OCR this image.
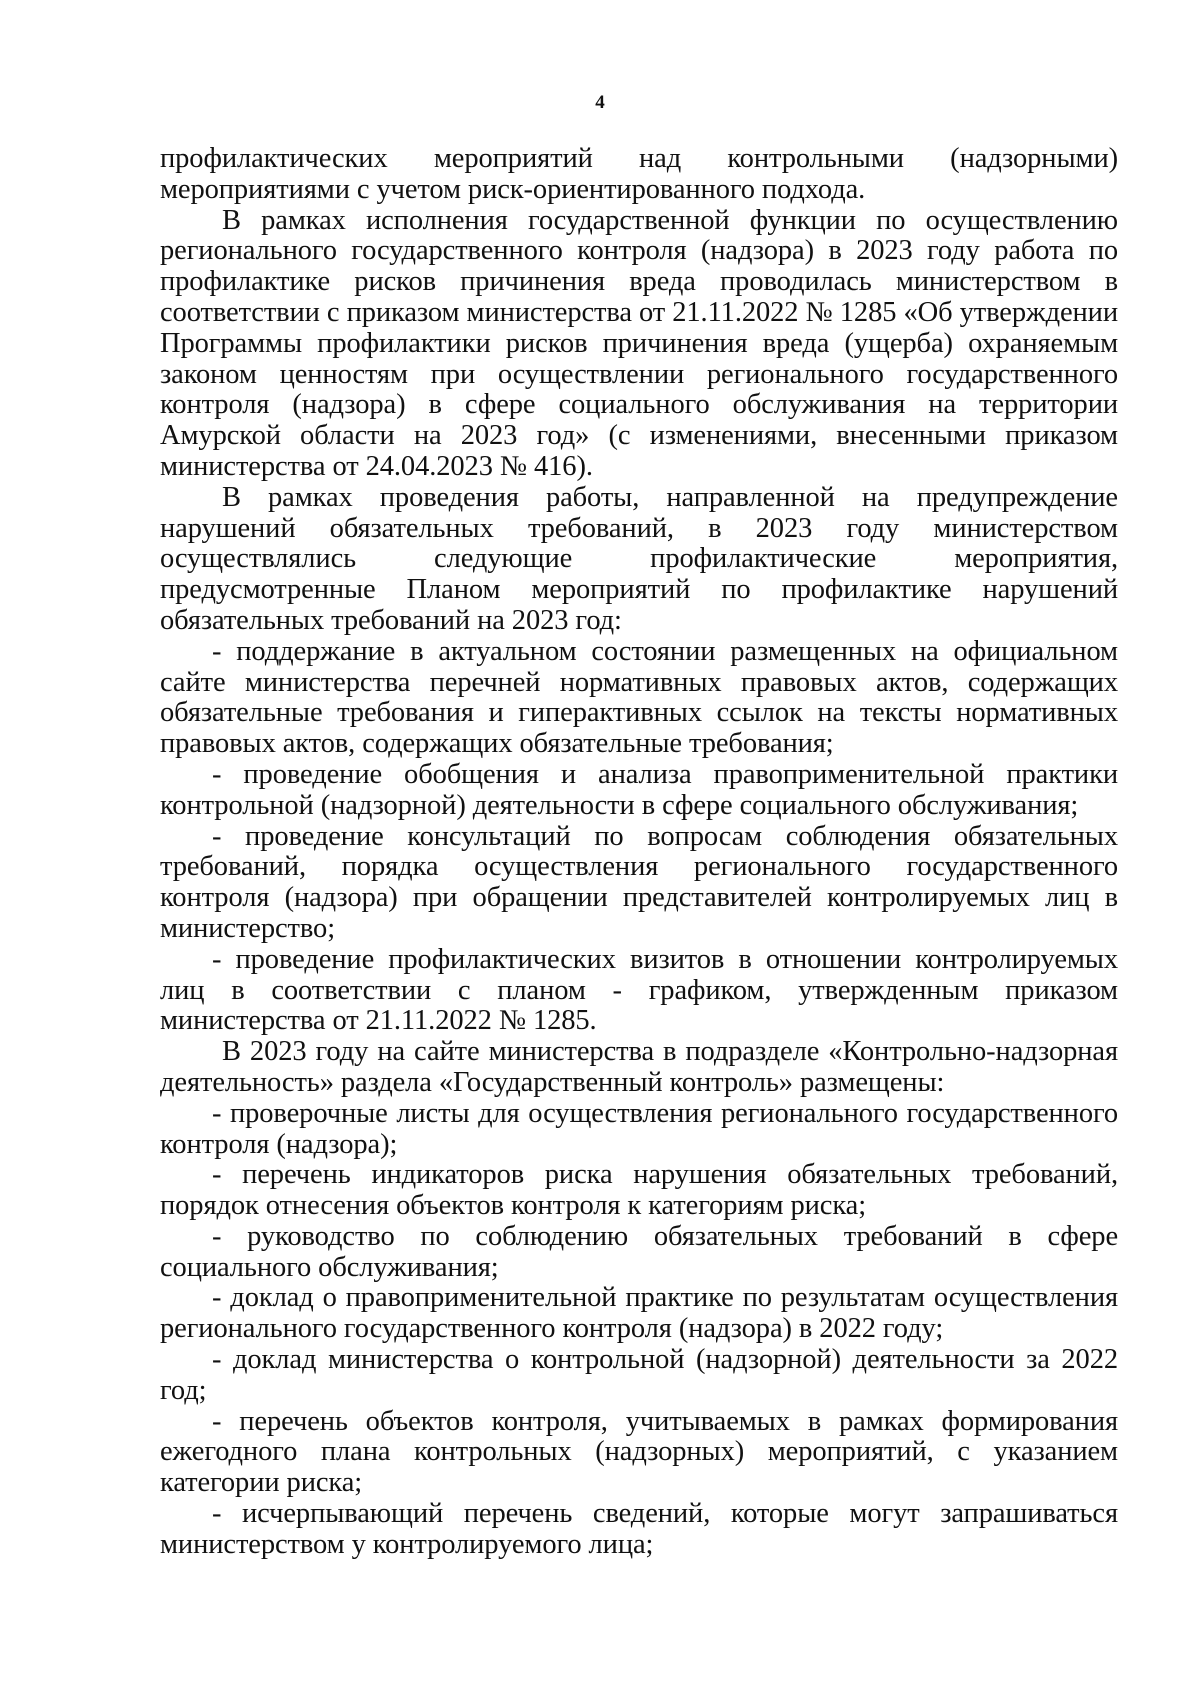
4

профилактических мероприятий над контрольными (надзорными) мероприятиями с учетом риск-ориентированного подхода.

В рамках исполнения государственной функции по осуществлению регионального государственного контроля (надзора) в 2023 году работа по профилактике рисков причинения вреда проводилась министерством в соответствии с приказом министерства от 21.11.2022 № 1285 «Об утверждении Программы профилактики рисков причинения вреда (ущерба) охраняемым законом ценностям при осуществлении регионального государственного контроля (надзора) в сфере социального обслуживания на территории Амурской области на 2023 год» (с изменениями, внесенными приказом министерства от 24.04.2023 № 416).

В рамках проведения работы, направленной на предупреждение нарушений обязательных требований, в 2023 году министерством осуществлялись следующие профилактические мероприятия, предусмотренные Планом мероприятий по профилактике нарушений обязательных требований на 2023 год:

- поддержание в актуальном состоянии размещенных на официальном сайте министерства перечней нормативных правовых актов, содержащих обязательные требования и гиперактивных ссылок на тексты нормативных правовых актов, содержащих обязательные требования;

- проведение обобщения и анализа правоприменительной практики контрольной (надзорной) деятельности в сфере социального обслуживания;

- проведение консультаций по вопросам соблюдения обязательных требований, порядка осуществления регионального государственного контроля (надзора) при обращении представителей контролируемых лиц в министерство;

- проведение профилактических визитов в отношении контролируемых лиц в соответствии с планом - графиком, утвержденным приказом министерства от 21.11.2022 № 1285.

В 2023 году на сайте министерства в подразделе «Контрольно-надзорная деятельность» раздела «Государственный контроль» размещены:

- проверочные листы для осуществления регионального государственного контроля (надзора);

- перечень индикаторов риска нарушения обязательных требований, порядок отнесения объектов контроля к категориям риска;

- руководство по соблюдению обязательных требований в сфере социального обслуживания;

- доклад о правоприменительной практике по результатам осуществления регионального государственного контроля (надзора) в 2022 году;

- доклад министерства о контрольной (надзорной) деятельности за 2022 год;

- перечень объектов контроля, учитываемых в рамках формирования ежегодного плана контрольных (надзорных) мероприятий, с указанием категории риска;

- исчерпывающий перечень сведений, которые могут запрашиваться министерством у контролируемого лица;
